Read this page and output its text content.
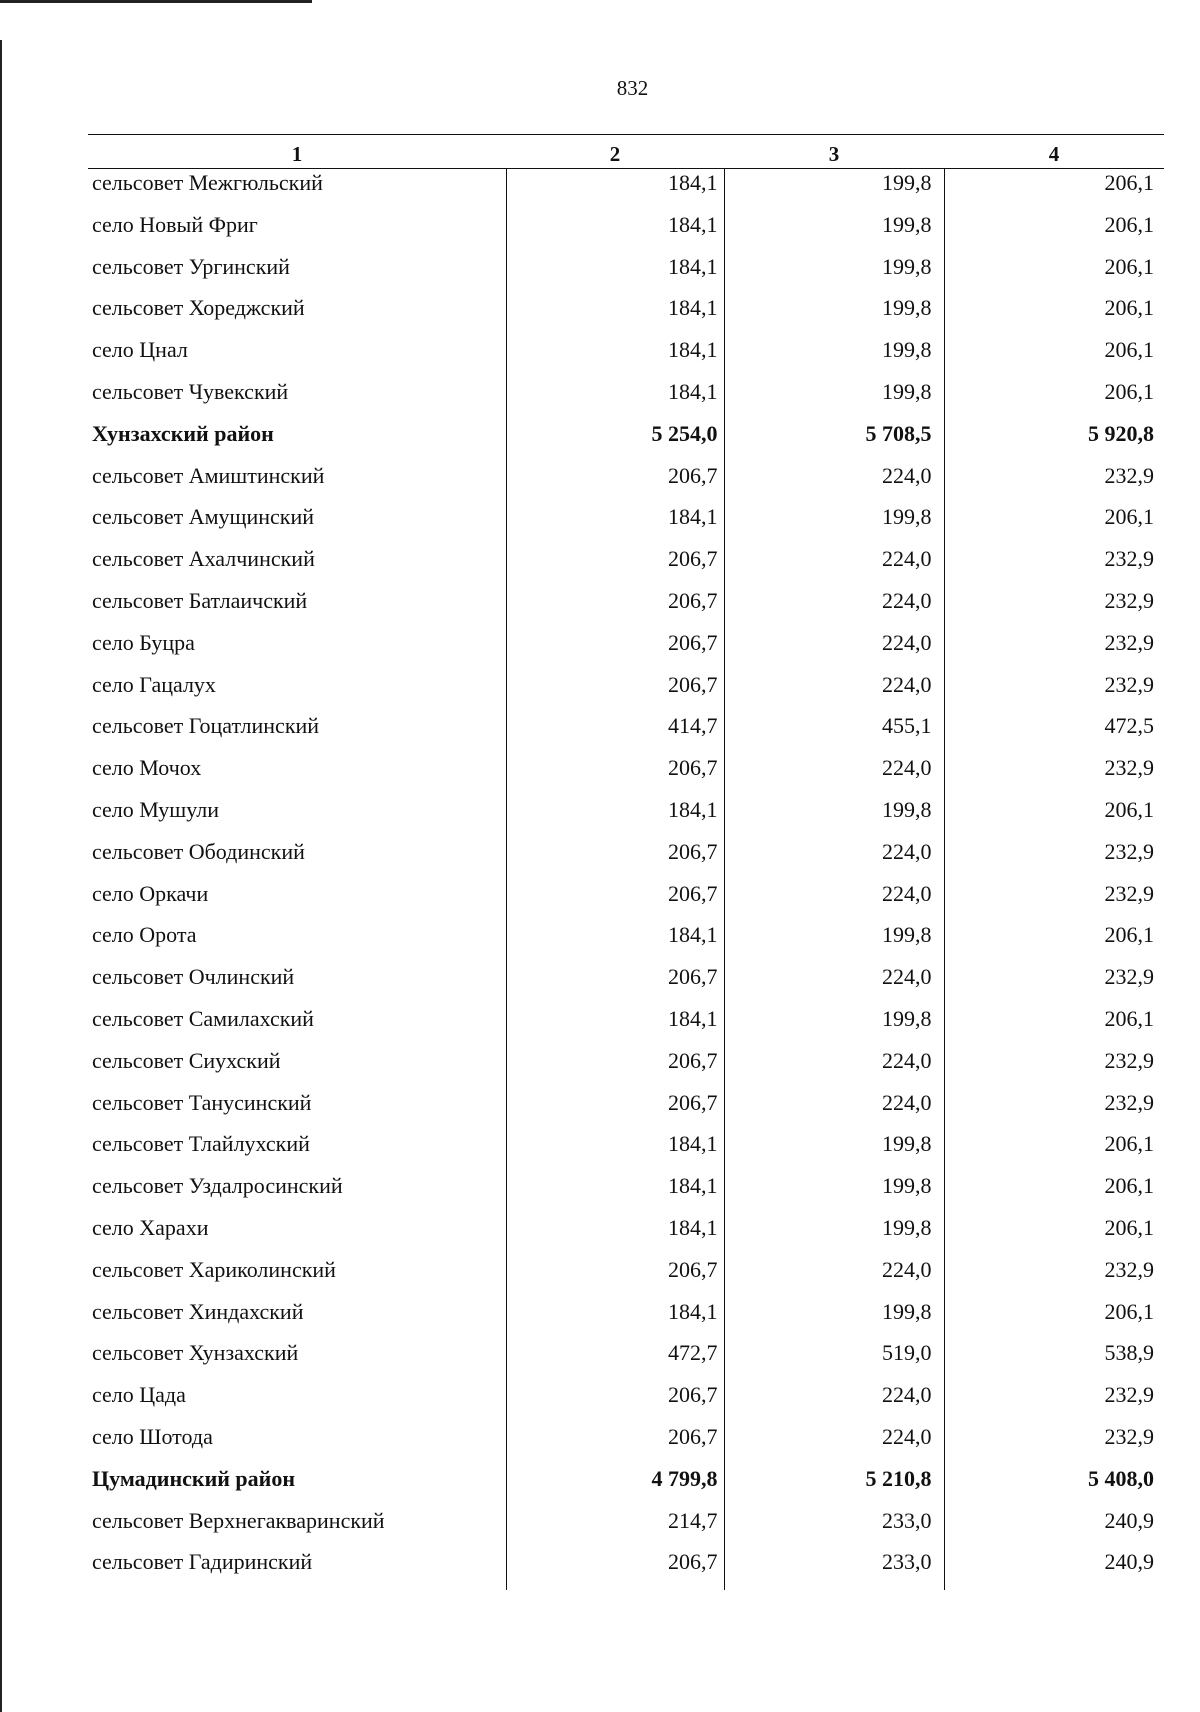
832
1	2	3	4
сельсовет Межгюльский	184,1	199,8	206,1
село Новый Фриг	184,1	199,8	206,1
сельсовет Ургинский	184,1	199,8	206,1
сельсовет Хореджский	184,1	199,8	206,1
село Цнал	184,1	199,8	206,1
сельсовет Чувекский	184,1	199,8	206,1
Хунзахский район	5 254,0	5 708,5	5 920,8
сельсовет Амиштинский	206,7	224,0	232,9
сельсовет Амущинский	184,1	199,8	206,1
сельсовет Ахалчинский	206,7	224,0	232,9
сельсовет Батлаичский	206,7	224,0	232,9
село Буцра	206,7	224,0	232,9
село Гацалух	206,7	224,0	232,9
сельсовет Гоцатлинский	414,7	455,1	472,5
село Мочох	206,7	224,0	232,9
село Мушули	184,1	199,8	206,1
сельсовет Ободинский	206,7	224,0	232,9
село Оркачи	206,7	224,0	232,9
село Орота	184,1	199,8	206,1
сельсовет Очлинский	206,7	224,0	232,9
сельсовет Самилахский	184,1	199,8	206,1
сельсовет Сиухский	206,7	224,0	232,9
сельсовет Танусинский	206,7	224,0	232,9
сельсовет Тлайлухский	184,1	199,8	206,1
сельсовет Уздалросинский	184,1	199,8	206,1
село Харахи	184,1	199,8	206,1
сельсовет Хариколинский	206,7	224,0	232,9
сельсовет Хиндахский	184,1	199,8	206,1
сельсовет Хунзахский	472,7	519,0	538,9
село Цада	206,7	224,0	232,9
село Шотода	206,7	224,0	232,9
Цумадинский район	4 799,8	5 210,8	5 408,0
сельсовет Верхнегакваринский	214,7	233,0	240,9
сельсовет Гадиринский	206,7	233,0	240,9
